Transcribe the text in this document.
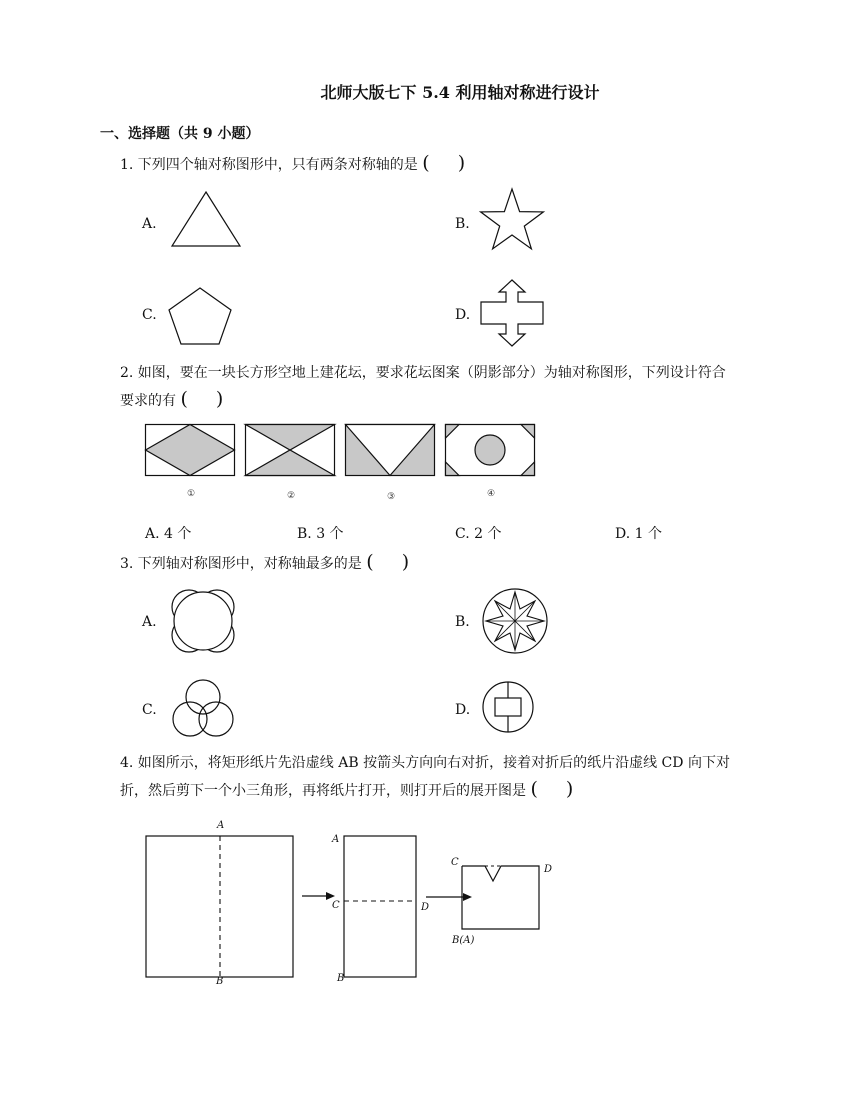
北师大版七下 5.4 利用轴对称进行设计
一、选择题（共 9 小题）
1. 下列四个轴对称图形中，只有两条对称轴的是 ( )
A.	B.
C.	D.
2. 如图，要在一块长方形空地上建花坛，要求花坛图案（阴影部分）为轴对称图形，下列设计符合
要求的有 ( )
①	②	③	④
A. 4 个	B. 3 个	C. 2 个	D. 1 个
3. 下列轴对称图形中，对称轴最多的是 ( )
A.	B.
C.	D.
4. 如图所示，将矩形纸片先沿虚线 AB 按箭头方向向右对折，接着对折后的纸片沿虚线 CD 向下对
折，然后剪下一个小三角形，再将纸片打开，则打开后的展开图是 ( )
A
B
A
C	D
B
C
D
B(A)
